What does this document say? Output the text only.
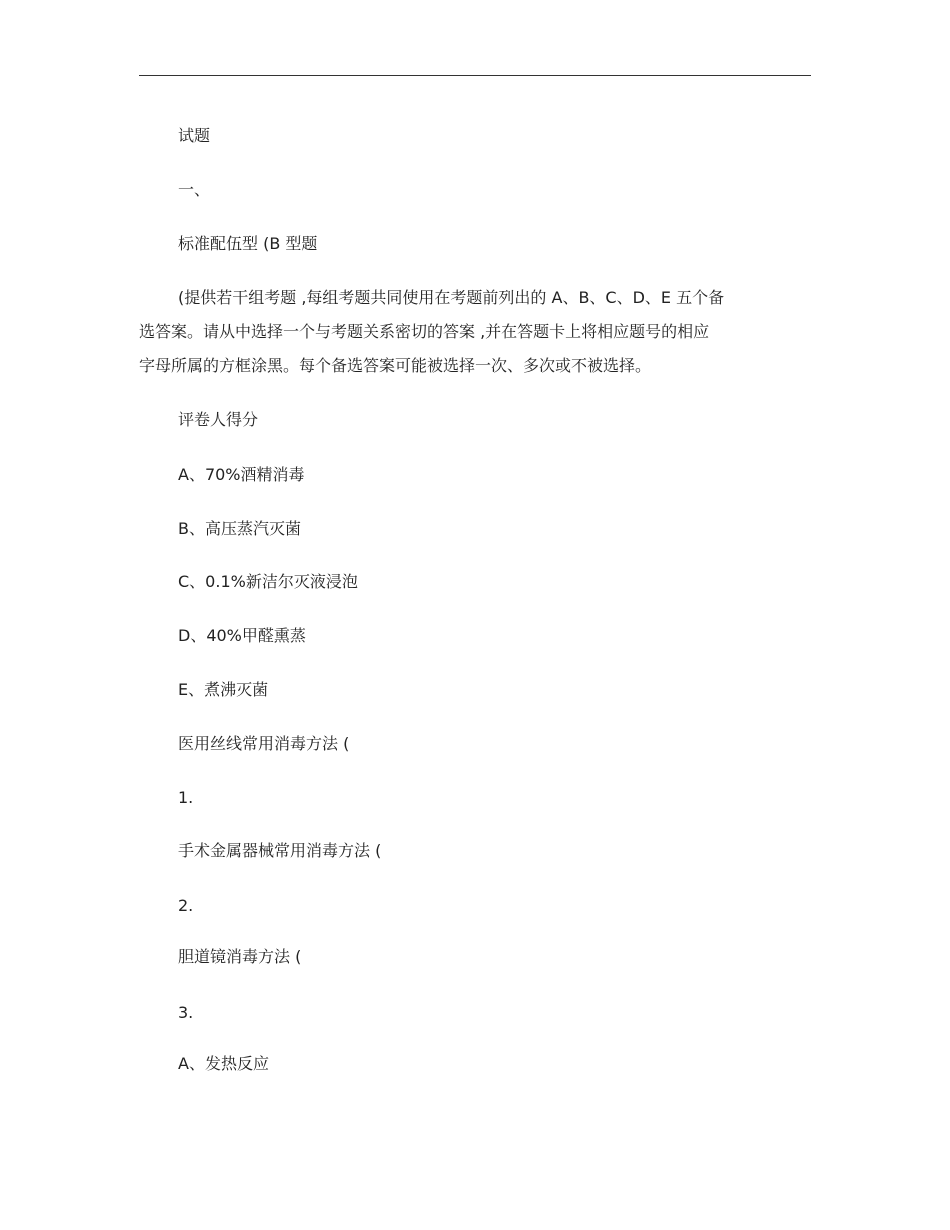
试题
一、
标准配伍型 (B 型题
(提供若干组考题 ,每组考题共同使用在考题前列出的 A、B、C、D、E 五个备
选答案。请从中选择一个与考题关系密切的答案 ,并在答题卡上将相应题号的相应
字母所属的方框涂黑。每个备选答案可能被选择一次、多次或不被选择。
评卷人得分
A、70%酒精消毒
B、高压蒸汽灭菌
C、0.1%新洁尔灭液浸泡
D、40%甲醛熏蒸
E、煮沸灭菌
医用丝线常用消毒方法 (
1.
手术金属器械常用消毒方法 (
2.
胆道镜消毒方法 (
3.
A、发热反应
